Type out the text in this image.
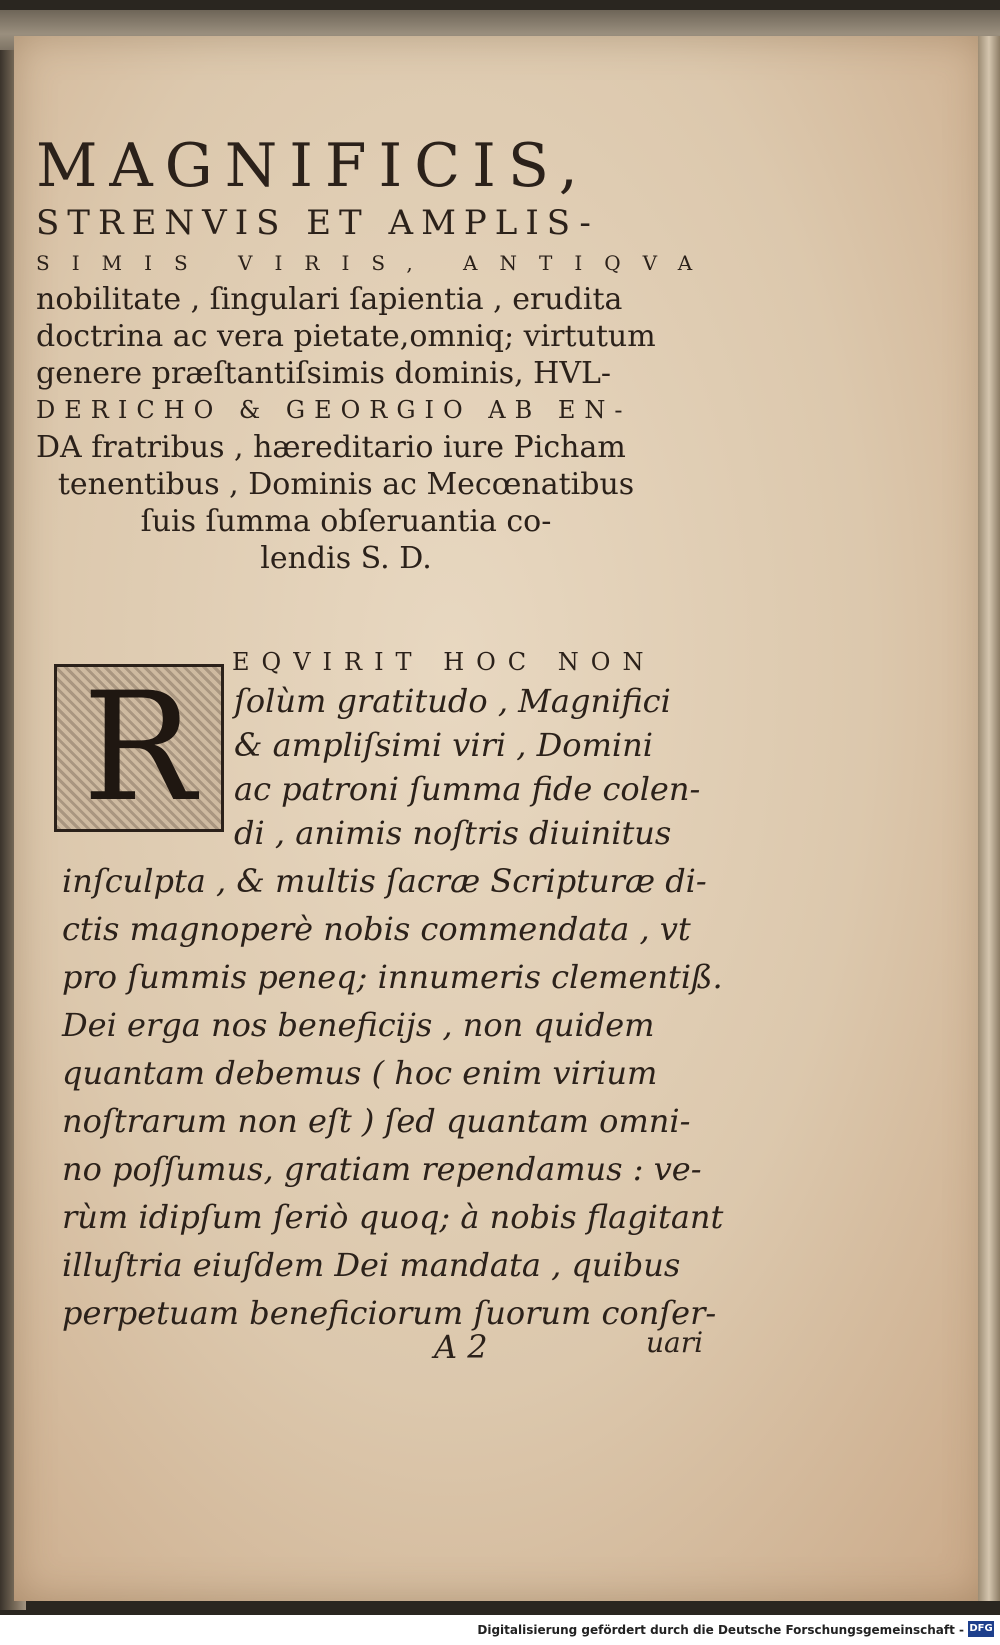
MAGNIFICIS,

STRENVIS ET AMPLIS-

SIMIS VIRIS, ANTIQVA

nobilitate , ſingulari ſapientia , erudita

doctrina ac vera pietate,omniq; virtutum

genere præſtantiſsimis dominis, HVL-

DERICHO & GEORGIO AB EN-

DA fratribus , hæreditario iure Picham

tenentibus , Dominis ac Mecœnatibus

ſuis ſumma obſeruantia co-

lendis S. D.

R	EQVIRIT HOC NON

ſolùm gratitudo , Magnifici

& ampliſsimi viri , Domini

ac patroni ſumma fide colen-

di , animis noſtris diuinitus

inſculpta , & multis ſacræ Scripturæ di-

ctis magnoperè nobis commendata , vt

pro ſummis peneq; innumeris clementiß.

Dei erga nos beneficijs , non quidem

quantam debemus ( hoc enim virium

noſtrarum non eſt ) ſed quantam omni-

no poſſumus, gratiam rependamus : ve-

rùm idipſum ſeriò quoq; à nobis flagitant

illuſtria eiuſdem Dei mandata , quibus

perpetuam beneficiorum ſuorum conſer-

A 2	uari
Digitalisierung gefördert durch die Deutsche Forschungsgemeinschaft - DFG
